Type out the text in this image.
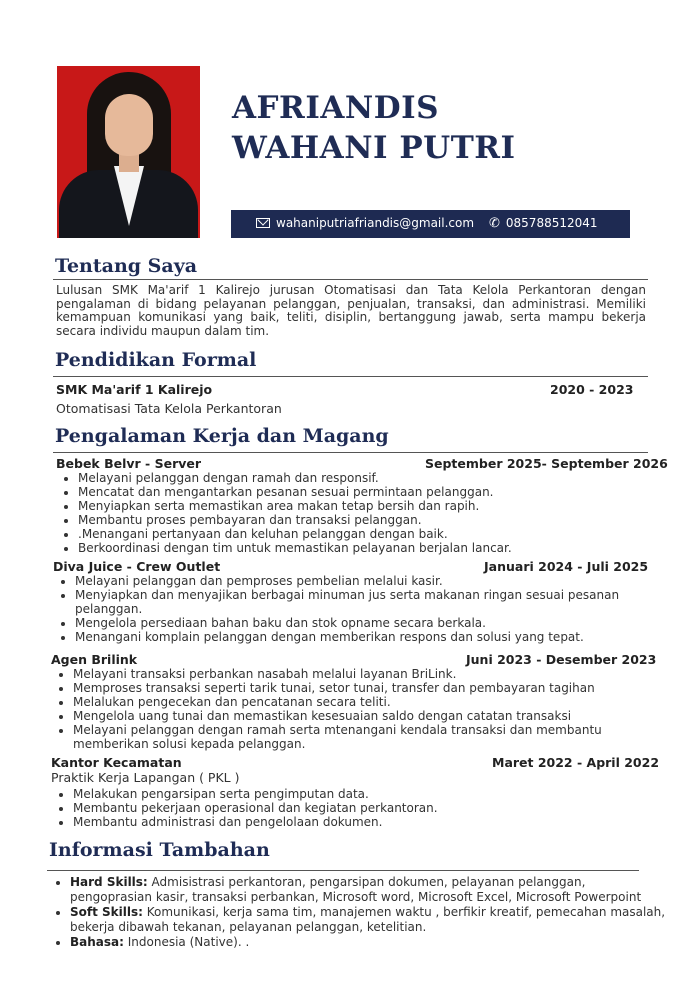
AFRIANDIS
WAHANI PUTRI
wahaniputriafriandis@gmail.com ✆ 085788512041
Tentang Saya
Lulusan SMK Ma'arif 1 Kalirejo jurusan Otomatisasi dan Tata Kelola Perkantoran dengan pengalaman di bidang pelayanan pelanggan, penjualan, transaksi, dan administrasi. Memiliki kemampuan komunikasi yang baik, teliti, disiplin, bertanggung jawab, serta mampu bekerja secara individu maupun dalam tim.
Pendidikan Formal
SMK Ma'arif 1 Kalirejo	2020 - 2023
Otomatisasi Tata Kelola Perkantoran
Pengalaman Kerja dan Magang
Bebek Belvr - Server	September 2025- September 2026
• Melayani pelanggan dengan ramah dan responsif.
• Mencatat dan mengantarkan pesanan sesuai permintaan pelanggan.
• Menyiapkan serta memastikan area makan tetap bersih dan rapih.
• Membantu proses pembayaran dan transaksi pelanggan.
• .Menangani pertanyaan dan keluhan pelanggan dengan baik.
• Berkoordinasi dengan tim untuk memastikan pelayanan berjalan lancar.
Diva Juice - Crew Outlet	Januari 2024 - Juli 2025
• Melayani pelanggan dan pemproses pembelian melalui kasir.
• Menyiapkan dan menyajikan berbagai minuman jus serta makanan ringan sesuai pesanan pelanggan.
• Mengelola persediaan bahan baku dan stok opname secara berkala.
• Menangani komplain pelanggan dengan memberikan respons dan solusi yang tepat.
Agen Brilink	Juni 2023 - Desember 2023
• Melayani transaksi perbankan nasabah melalui layanan BriLink.
• Memproses transaksi seperti tarik tunai, setor tunai, transfer dan pembayaran tagihan
• Melalukan pengecekan dan pencatanan secara teliti.
• Mengelola uang tunai dan memastikan kesesuaian saldo dengan catatan transaksi
• Melayani pelanggan dengan ramah serta mtenangani kendala transaksi dan membantu memberikan solusi kepada pelanggan.
Kantor Kecamatan	Maret 2022 - April 2022
Praktik Kerja Lapangan ( PKL )
• Melakukan pengarsipan serta pengimputan data.
• Membantu pekerjaan operasional dan kegiatan perkantoran.
• Membantu administrasi dan pengelolaan dokumen.
Informasi Tambahan
• Hard Skills: Admisistrasi perkantoran, pengarsipan dokumen, pelayanan pelanggan, pengoprasian kasir, transaksi perbankan, Microsoft word, Microsoft Excel, Microsoft Powerpoint
• Soft Skills: Komunikasi, kerja sama tim, manajemen waktu , berfikir kreatif, pemecahan masalah, bekerja dibawah tekanan, pelayanan pelanggan, ketelitian.
• Bahasa: Indonesia (Native). .
